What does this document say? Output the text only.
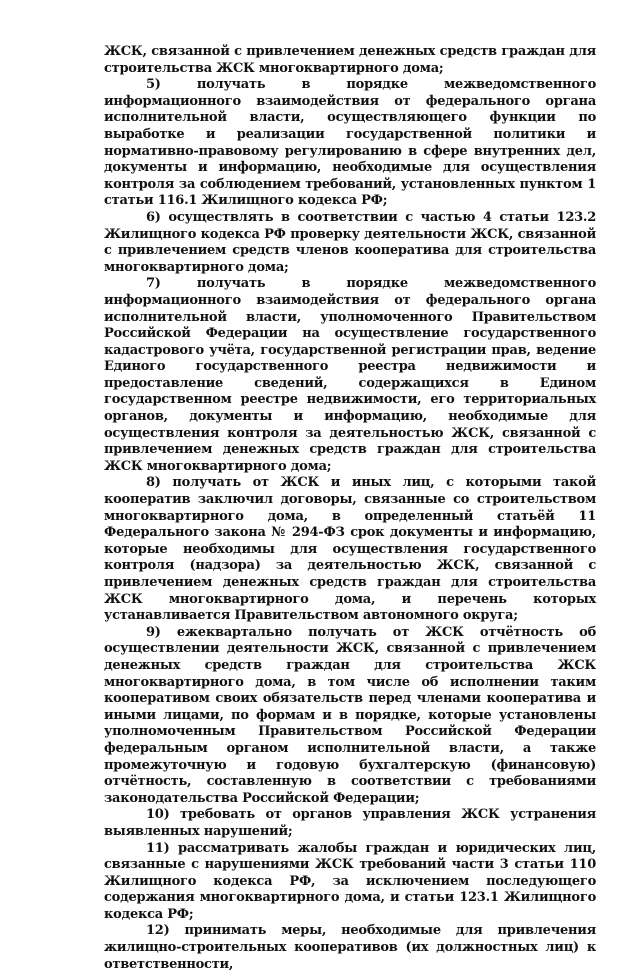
ЖСК, связанной с привлечением денежных средств граждан для строительства ЖСК многоквартирного дома;

5) получать в порядке межведомственного информационного взаимодействия от федерального органа исполнительной власти, осуществляющего функции по выработке и реализации государственной политики и нормативно-правовому регулированию в сфере внутренних дел, документы и информацию, необходимые для осуществления контроля за соблюдением требований, установленных пунктом 1 статьи 116.1 Жилищного кодекса РФ;

6) осуществлять в соответствии с частью 4 статьи 123.2 Жилищного кодекса РФ проверку деятельности ЖСК, связанной с привлечением средств членов кооператива для строительства многоквартирного дома;

7) получать в порядке межведомственного информационного взаимодействия от федерального органа исполнительной власти, уполномоченного Правительством Российской Федерации на осуществление государственного кадастрового учёта, государственной регистрации прав, ведение Единого государственного реестра недвижимости и предоставление сведений, содержащихся в Едином государственном реестре недвижимости, его территориальных органов, документы и информацию, необходимые для осуществления контроля за деятельностью ЖСК, связанной с привлечением денежных средств граждан для строительства ЖСК многоквартирного дома;

8) получать от ЖСК и иных лиц, с которыми такой кооператив заключил договоры, связанные со строительством многоквартирного дома, в определенный статьёй 11 Федерального закона № 294-ФЗ срок документы и информацию, которые необходимы для осуществления государственного контроля (надзора) за деятельностью ЖСК, связанной с привлечением денежных средств граждан для строительства ЖСК многоквартирного дома, и перечень которых устанавливается Правительством автономного округа;

9) ежеквартально получать от ЖСК отчётность об осуществлении деятельности ЖСК, связанной с привлечением денежных средств граждан для строительства ЖСК многоквартирного дома, в том числе об исполнении таким кооперативом своих обязательств перед членами кооператива и иными лицами, по формам и в порядке, которые установлены уполномоченным Правительством Российской Федерации федеральным органом исполнительной власти, а также промежуточную и годовую бухгалтерскую (финансовую) отчётность, составленную в соответствии с требованиями законодательства Российской Федерации;

10) требовать от органов управления ЖСК устранения выявленных нарушений;

11) рассматривать жалобы граждан и юридических лиц, связанные с нарушениями ЖСК требований части 3 статьи 110 Жилищного кодекса РФ, за исключением последующего содержания многоквартирного дома, и статьи 123.1 Жилищного кодекса РФ;

12) принимать меры, необходимые для привлечения жилищно-строительных кооперативов (их должностных лиц) к ответственности,
